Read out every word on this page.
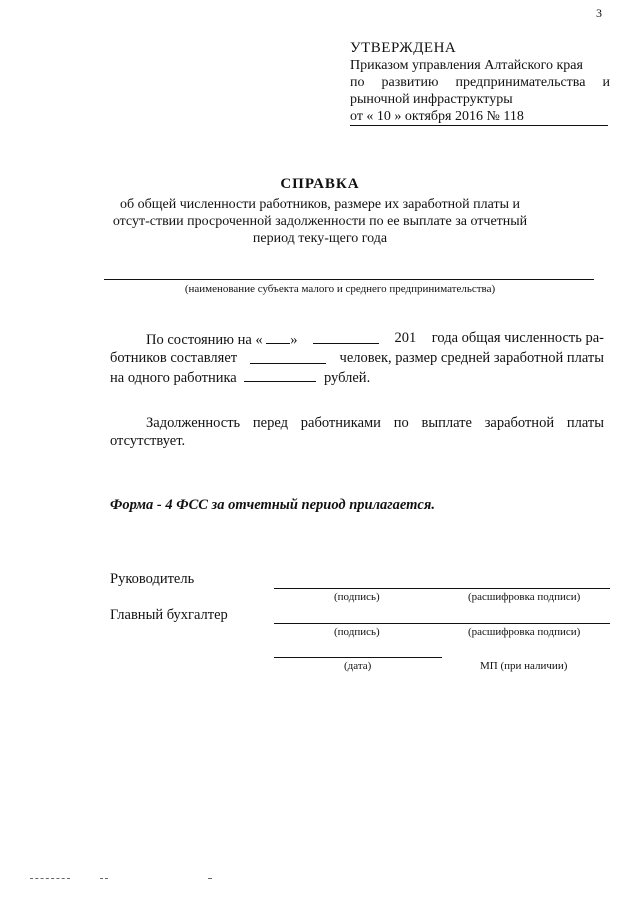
3
УТВЕРЖДЕНА
Приказом управления Алтайского края
по развитию предпринимательства и
рыночной инфраструктуры
от « 10 » октября 2016 № 118
СПРАВКА
об общей численности работников, размере их заработной платы и отсут-ствии просроченной задолженности по ее выплате за отчетный период теку-щего года
(наименование субъекта малого и среднего предпринимательства)
По состоянию на « »	201 года общая численность ра-
ботников составляет	человек, размер средней заработной платы
на одного работника	рублей.
Задолженность перед работниками по выплате заработной платы
отсутствует.
Форма - 4 ФСС за отчетный период прилагается.
Руководитель
(подпись)	(расшифровка подписи)
Главный бухгалтер
(подпись)	(расшифровка подписи)
(дата)	МП (при наличии)
